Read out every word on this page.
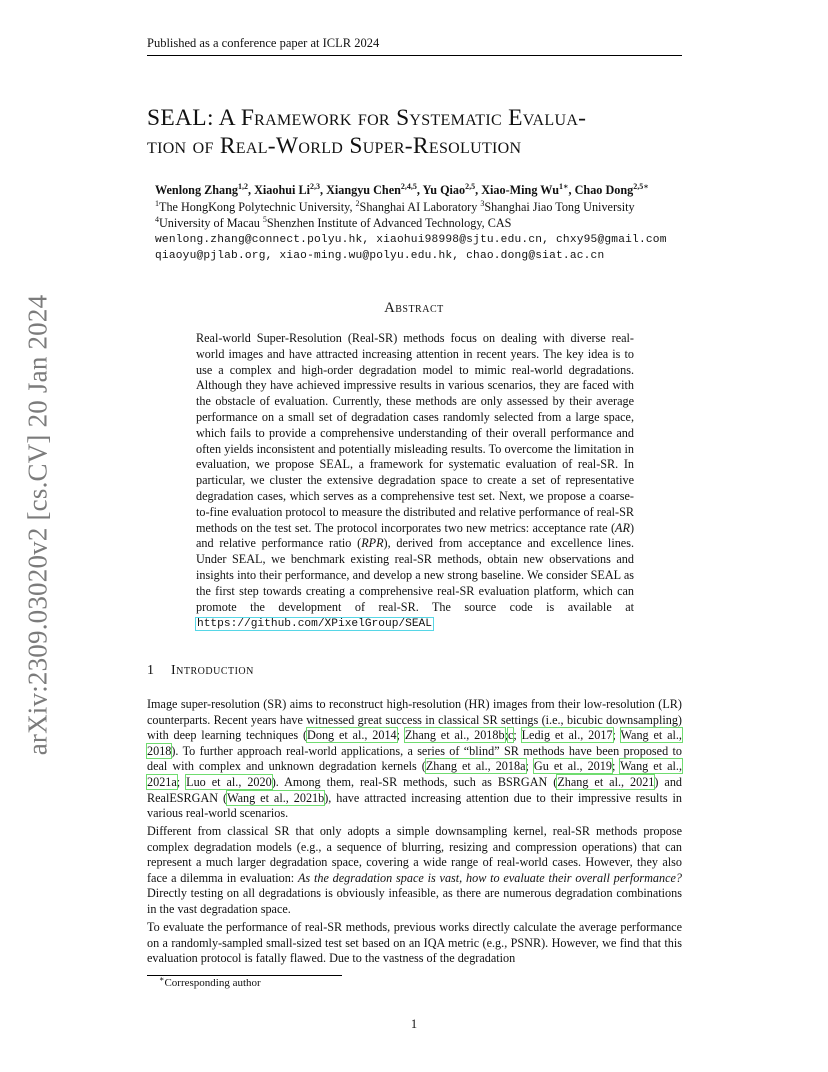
Published as a conference paper at ICLR 2024
arXiv:2309.03020v2 [cs.CV] 20 Jan 2024
SEAL: A Framework for Systematic Evalua-
tion of Real-World Super-Resolution
Wenlong Zhang$^{1,2}$, Xiaohui Li$^{2,3}$, Xiangyu Chen$^{2,4,5}$, Yu Qiao$^{2,5}$, Xiao-Ming $Wu^{1∗}$, Chao Dong$^{2,5∗}$
$^1$The HongKong Polytechnic University, $^2$Shanghai AI Laboratory $^3$Shanghai Jiao Tong University
$^4$University of Macau $^5$Shenzhen Institute of Advanced Technology, CAS
wenlong.zhang@connect.polyu.hk, xiaohui98998@sjtu.edu.cn, chxy95@gmail.com
qiaoyu@pjlab.org, xiao-ming.wu@polyu.edu.hk, chao.dong@siat.ac.cn
Abstract
Real-world Super-Resolution (Real-SR) methods focus on dealing with diverse real-world images and have attracted increasing attention in recent years. The key idea is to use a complex and high-order degradation model to mimic real-world degradations. Although they have achieved impressive results in various scenarios, they are faced with the obstacle of evaluation. Currently, these methods are only assessed by their average performance on a small set of degradation cases randomly selected from a large space, which fails to provide a comprehensive understanding of their overall performance and often yields inconsistent and potentially misleading results. To overcome the limitation in evaluation, we propose SEAL, a framework for systematic evaluation of real-SR. In particular, we cluster the extensive degradation space to create a set of representative degradation cases, which serves as a comprehensive test set. Next, we propose a coarse-to-fine evaluation protocol to measure the distributed and relative performance of real-SR methods on the test set. The protocol incorporates two new metrics: acceptance rate (AR) and relative performance ratio (RPR), derived from acceptance and excellence lines. Under SEAL, we benchmark existing real-SR methods, obtain new observations and insights into their performance, and develop a new strong baseline. We consider SEAL as the first step towards creating a comprehensive real-SR evaluation platform, which can promote the development of real-SR. The source code is available at https://github.com/XPixelGroup/SEAL
1 Introduction
Image super-resolution (SR) aims to reconstruct high-resolution (HR) images from their low-resolution (LR) counterparts. Recent years have witnessed great success in classical SR settings (i.e., bicubic downsampling) with deep learning techniques (Dong et al., 2014; Zhang et al., 2018b;c; Ledig et al., 2017; Wang et al., 2018). To further approach real-world applications, a series of “blind” SR methods have been proposed to deal with complex and unknown degradation kernels (Zhang et al., 2018a; Gu et al., 2019; Wang et al., 2021a; Luo et al., 2020). Among them, real-SR methods, such as BSRGAN (Zhang et al., 2021) and RealESRGAN (Wang et al., 2021b), have attracted increasing attention due to their impressive results in various real-world scenarios.
Different from classical SR that only adopts a simple downsampling kernel, real-SR methods propose complex degradation models (e.g., a sequence of blurring, resizing and compression operations) that can represent a much larger degradation space, covering a wide range of real-world cases. However, they also face a dilemma in evaluation: As the degradation space is vast, how to evaluate their overall performance? Directly testing on all degradations is obviously infeasible, as there are numerous degradation combinations in the vast degradation space.
To evaluate the performance of real-SR methods, previous works directly calculate the average performance on a randomly-sampled small-sized test set based on an IQA metric (e.g., PSNR). However, we find that this evaluation protocol is fatally flawed. Due to the vastness of the degradation
∗Corresponding author
1
